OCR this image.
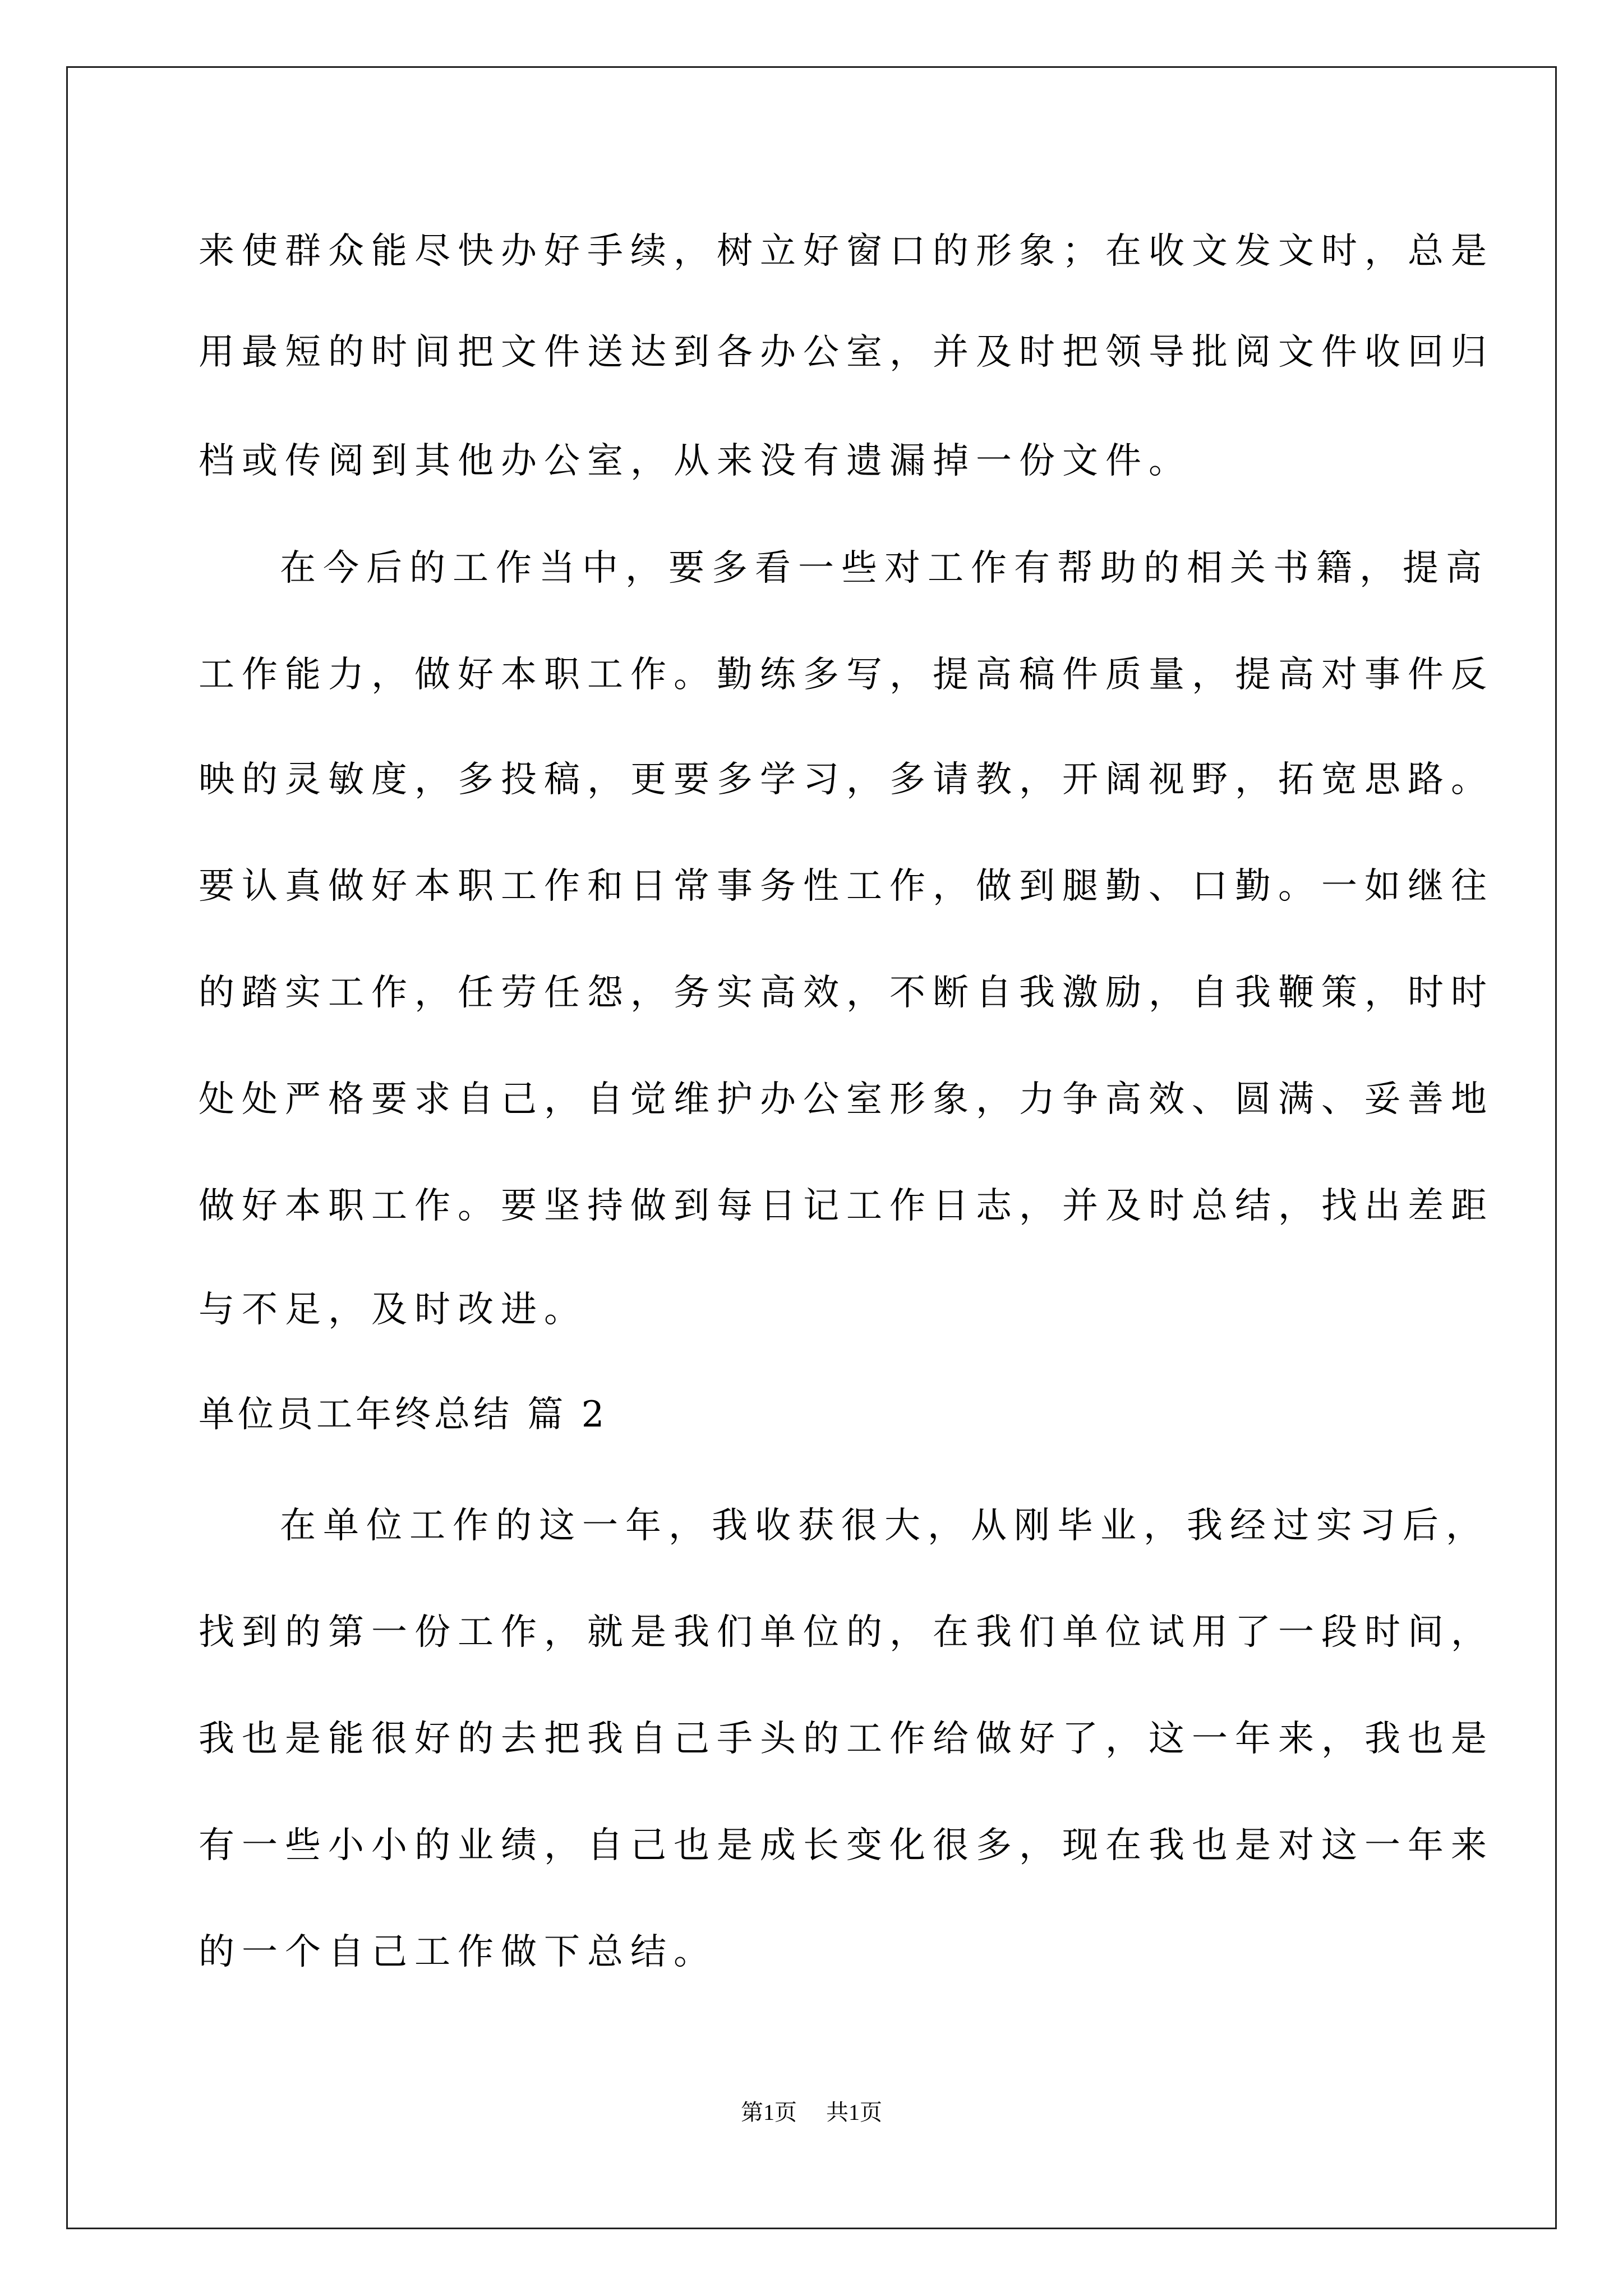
来使群众能尽快办好手续，树立好窗口的形象；在收文发文时，总是
用最短的时间把文件送达到各办公室，并及时把领导批阅文件收回归
档或传阅到其他办公室，从来没有遗漏掉一份文件。
在今后的工作当中，要多看一些对工作有帮助的相关书籍，提高
工作能力，做好本职工作。勤练多写，提高稿件质量，提高对事件反
映的灵敏度，多投稿，更要多学习，多请教，开阔视野，拓宽思路。
要认真做好本职工作和日常事务性工作，做到腿勤、口勤。一如继往
的踏实工作，任劳任怨，务实高效，不断自我激励，自我鞭策，时时
处处严格要求自己，自觉维护办公室形象，力争高效、圆满、妥善地
做好本职工作。要坚持做到每日记工作日志，并及时总结，找出差距
与不足，及时改进。
单位员工年终总结 篇 2
在单位工作的这一年，我收获很大，从刚毕业，我经过实习后，
找到的第一份工作，就是我们单位的，在我们单位试用了一段时间，
我也是能很好的去把我自己手头的工作给做好了，这一年来，我也是
有一些小小的业绩，自己也是成长变化很多，现在我也是对这一年来
的一个自己工作做下总结。
第1页 共1页
